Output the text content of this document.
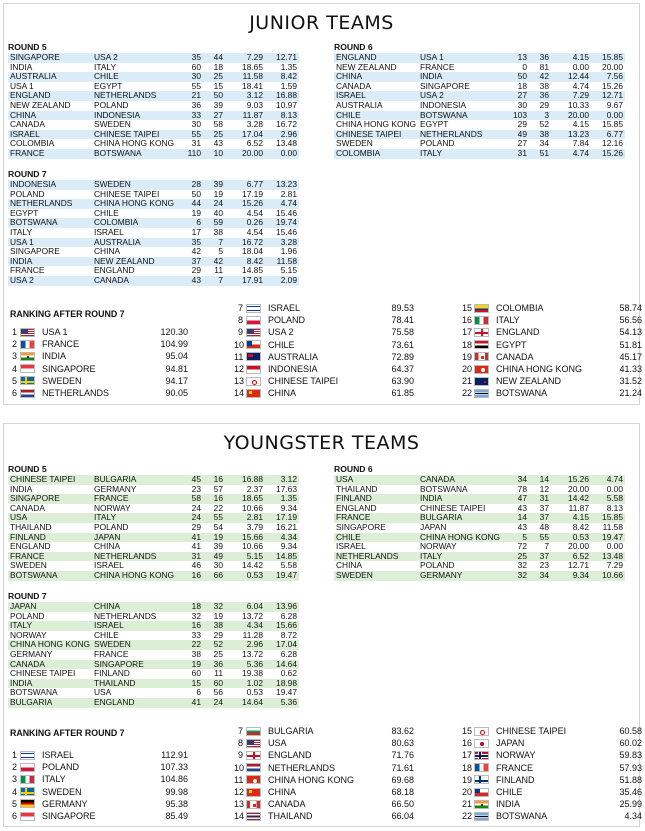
JUNIOR TEAMS
ROUND 5
SINGAPORE	USA 2	35	44	7.29	12.71
INDIA	ITALY	60	18	18.65	1.35
AUSTRALIA	CHILE	30	25	11.58	8.42
USA 1	EGYPT	55	15	18.41	1.59
ENGLAND	NETHERLANDS	21	50	3.12	16.88
NEW ZEALAND	POLAND	36	39	9.03	10.97
CHINA	INDONESIA	33	27	11.87	8.13
CANADA	SWEDEN	30	58	3.28	16.72
ISRAEL	CHINESE TAIPEI	55	25	17.04	2.96
COLOMBIA	CHINA HONG KONG	31	43	6.52	13.48
FRANCE	BOTSWANA	110	10	20.00	0.00
ROUND 6
ENGLAND	USA 1	13	36	4.15	15.85
NEW ZEALAND	FRANCE	0	81	0.00	20.00
CHINA	INDIA	50	42	12.44	7.56
CANADA	SINGAPORE	18	38	4.74	15.26
ISRAEL	USA 2	27	36	7.29	12.71
AUSTRALIA	INDONESIA	30	29	10.33	9.67
CHILE	BOTSWANA	103	3	20.00	0.00
CHINA HONG KONG	EGYPT	29	52	4.15	15.85
CHINESE TAIPEI	NETHERLANDS	49	38	13.23	6.77
SWEDEN	POLAND	27	34	7.84	12.16
COLOMBIA	ITALY	31	51	4.74	15.26
ROUND 7
INDONESIA	SWEDEN	28	39	6.77	13.23
POLAND	CHINESE TAIPEI	50	19	17.19	2.81
NETHERLANDS	CHINA HONG KONG	44	24	15.26	4.74
EGYPT	CHILE	19	40	4.54	15.46
BOTSWANA	COLOMBIA	6	59	0.26	19.74
ITALY	ISRAEL	17	38	4.54	15.46
USA 1	AUSTRALIA	35	7	16.72	3.28
SINGAPORE	CHINA	42	5	18.04	1.96
INDIA	NEW ZEALAND	37	42	8.42	11.58
FRANCE	ENGLAND	29	11	14.85	5.15
USA 2	CANADA	43	7	17.91	2.09
RANKING AFTER ROUND 7
1	USA 1	120.30
2	FRANCE	104.99
3	INDIA	95.04
4	SINGAPORE	94.81
5	SWEDEN	94.17
6	NETHERLANDS	90.05
7	ISRAEL	89.53
8	POLAND	78.41
9	USA 2	75.58
10	CHILE	73.61
11	AUSTRALIA	72.89
12	INDONESIA	64.37
13	CHINESE TAIPEI	63.90
14	CHINA	61.85
15	COLOMBIA	58.74
16	ITALY	56.56
17	ENGLAND	54.13
18	EGYPT	51.81
19	CANADA	45.17
20	CHINA HONG KONG	41.33
21	NEW ZEALAND	31.52
22	BOTSWANA	21.24
YOUNGSTER TEAMS
ROUND 5
CHINESE TAIPEI	BULGARIA	45	16	16.88	3.12
INDIA	GERMANY	23	57	2.37	17.63
SINGAPORE	FRANCE	58	16	18.65	1.35
CANADA	NORWAY	24	22	10.66	9.34
USA	ITALY	24	55	2.81	17.19
THAILAND	POLAND	29	54	3.79	16.21
FINLAND	JAPAN	41	19	15.66	4.34
ENGLAND	CHINA	41	39	10.66	9.34
FRANCE	NETHERLANDS	31	49	5.15	14.85
SWEDEN	ISRAEL	46	30	14.42	5.58
BOTSWANA	CHINA HONG KONG	16	66	0.53	19.47
ROUND 6
USA	CANADA	34	14	15.26	4.74
THAILAND	BOTSWANA	78	12	20.00	0.00
FINLAND	INDIA	47	31	14.42	5.58
ENGLAND	CHINESE TAIPEI	43	37	11.87	8.13
FRANCE	BULGARIA	14	37	4.15	15.85
SINGAPORE	JAPAN	43	48	8.42	11.58
CHILE	CHINA HONG KONG	5	55	0.53	19.47
ISRAEL	NORWAY	72	7	20.00	0.00
NETHERLANDS	ITALY	25	37	6.52	13.48
CHINA	POLAND	32	23	12.71	7.29
SWEDEN	GERMANY	32	34	9.34	10.66
ROUND 7
JAPAN	CHINA	18	32	6.04	13.96
POLAND	NETHERLANDS	32	19	13.72	6.28
ITALY	ISRAEL	16	38	4.34	15.66
NORWAY	CHILE	33	29	11.28	8.72
CHINA HONG KONG	SWEDEN	22	52	2.96	17.04
GERMANY	FRANCE	38	25	13.72	6.28
CANADA	SINGAPORE	19	36	5.36	14.64
CHINESE TAIPEI	FINLAND	60	11	19.38	0.62
INDIA	THAILAND	15	60	1.02	18.98
BOTSWANA	USA	6	56	0.53	19.47
BULGARIA	ENGLAND	41	24	14.64	5.36
RANKING AFTER ROUND 7
1	ISRAEL	112.91
2	POLAND	107.33
3	ITALY	104.86
4	SWEDEN	99.98
5	GERMANY	95.38
6	SINGAPORE	85.49
7	BULGARIA	83.62
8	USA	80.63
9	ENGLAND	71.76
10	NETHERLANDS	71.61
11	CHINA HONG KONG	69.68
12	CHINA	68.18
13	CANADA	66.50
14	THAILAND	66.04
15	CHINESE TAIPEI	60.58
16	JAPAN	60.02
17	NORWAY	59.83
18	FRANCE	57.93
19	FINLAND	51.88
20	CHILE	35.46
21	INDIA	25.99
22	BOTSWANA	4.34
